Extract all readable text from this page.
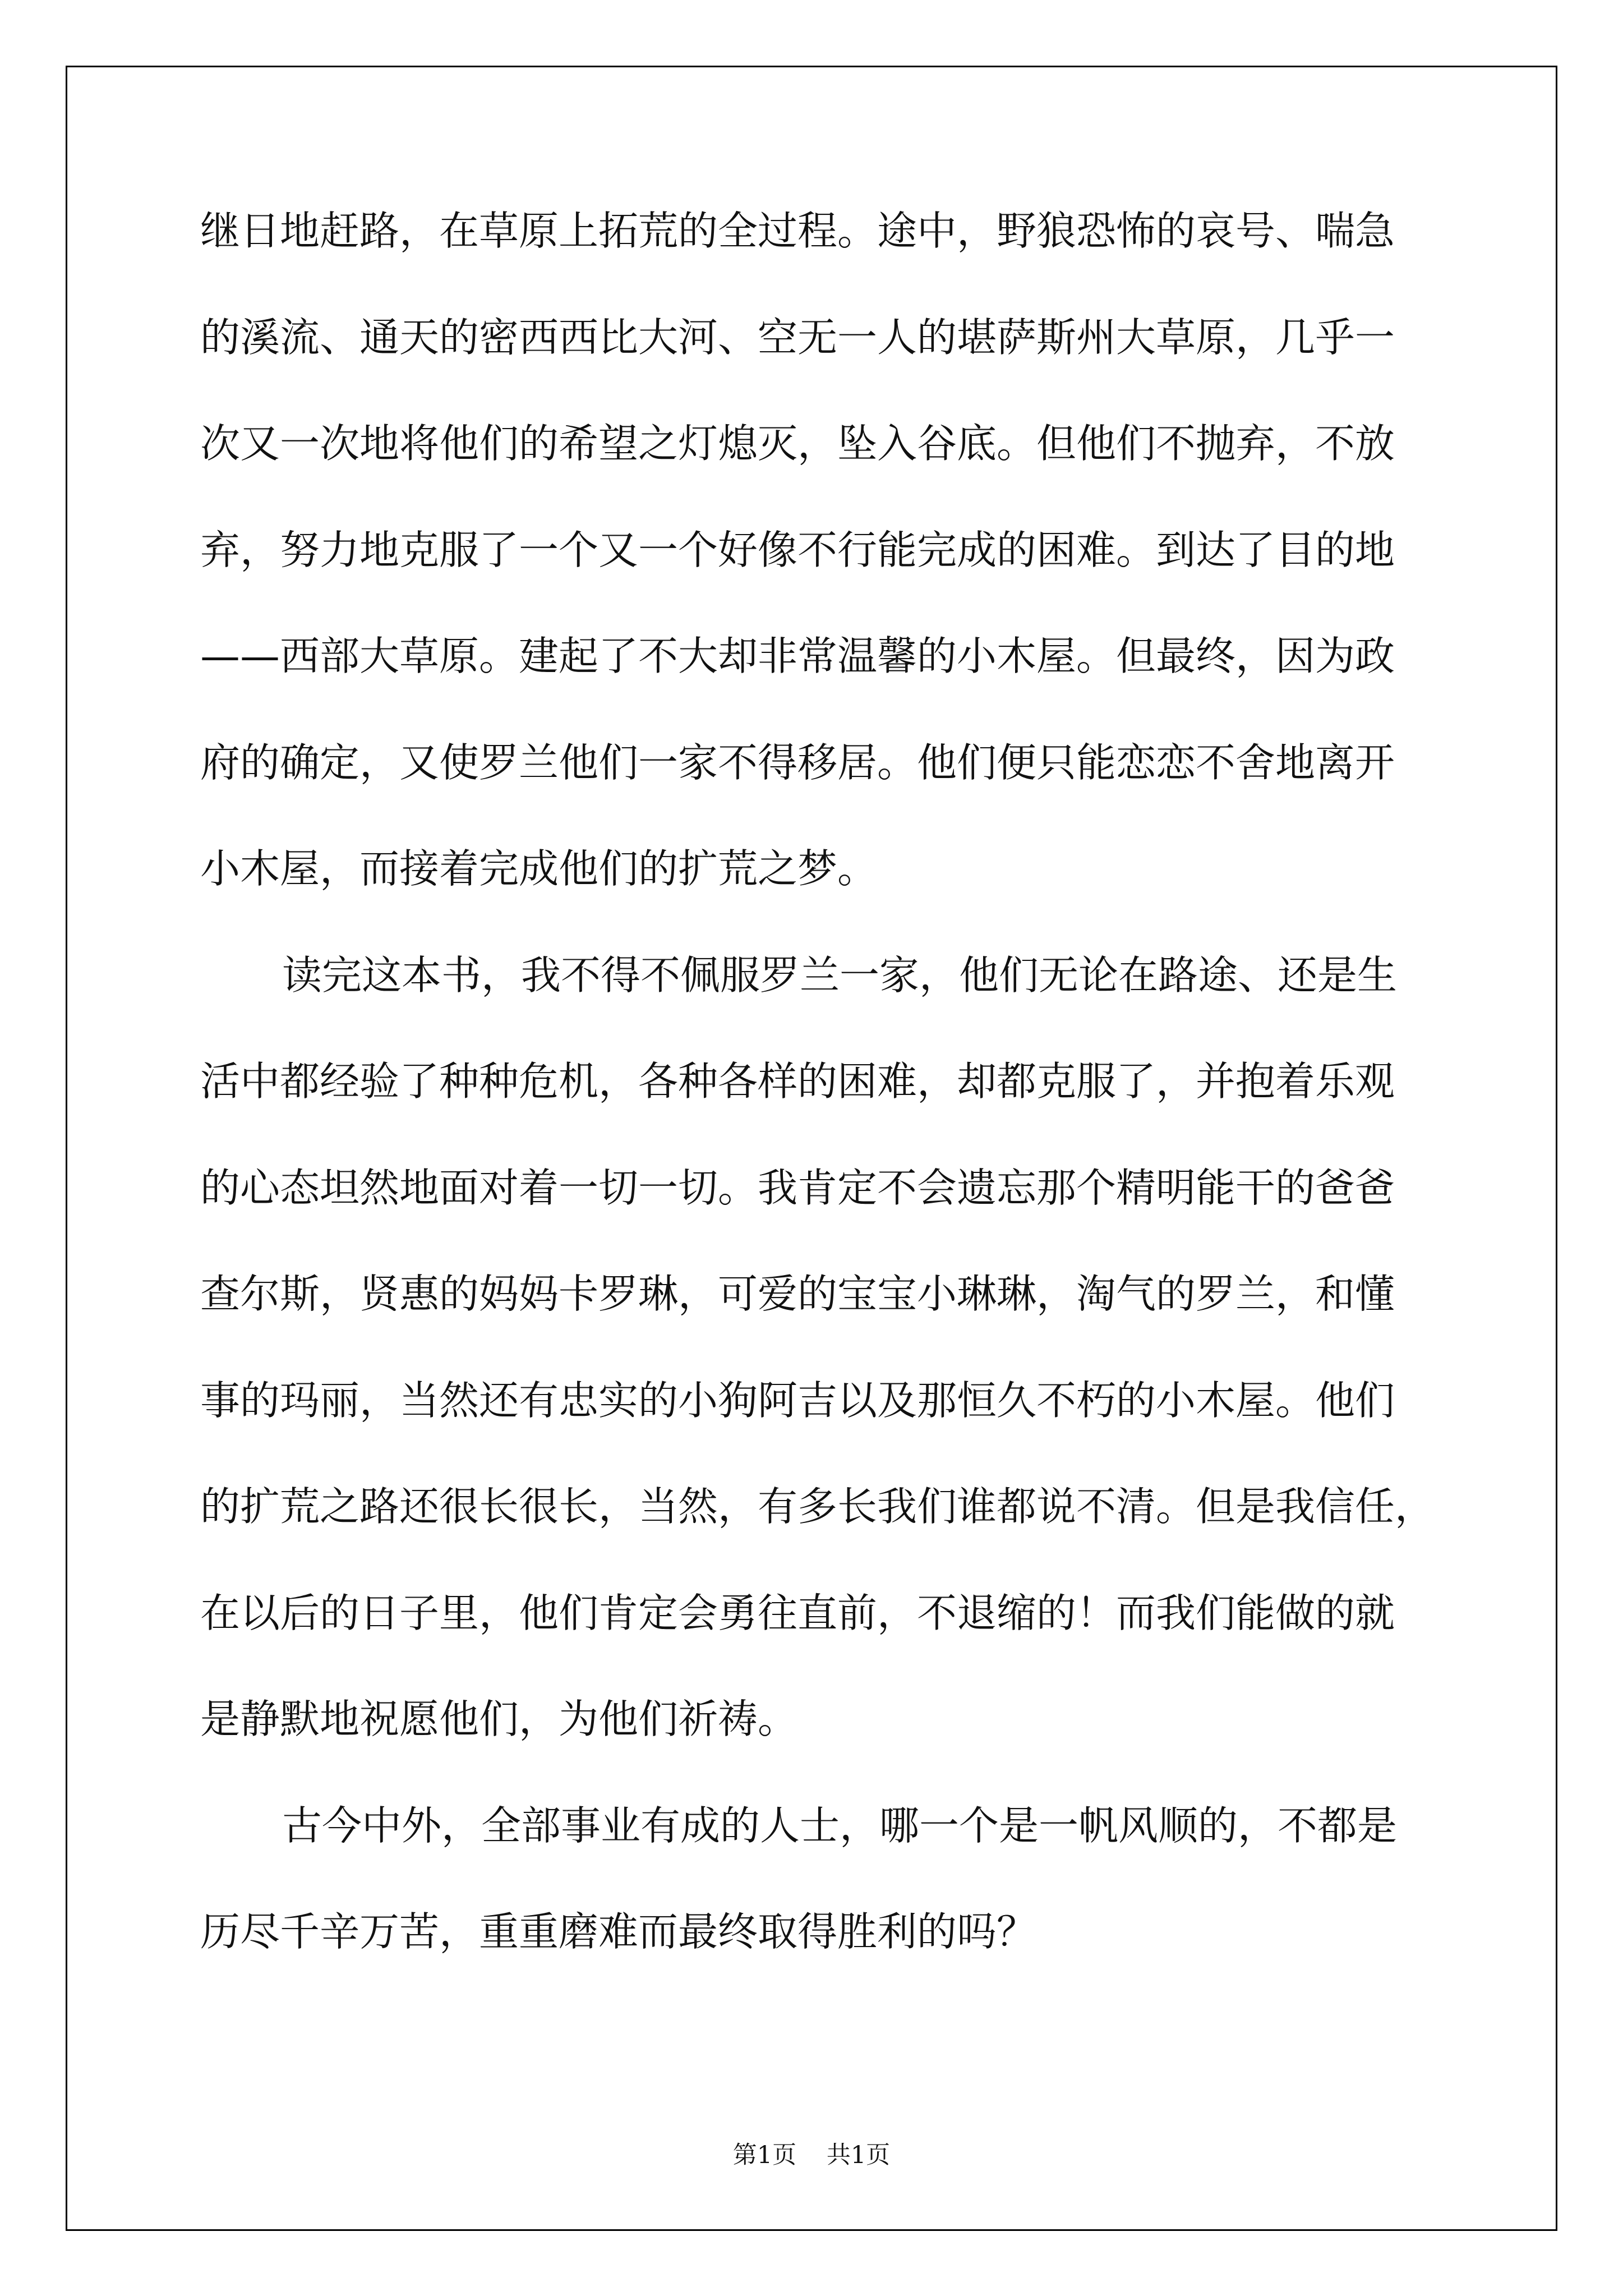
继日地赶路，在草原上拓荒的全过程。途中，野狼恐怖的哀号、喘急
的溪流、通天的密西西比大河、空无一人的堪萨斯州大草原，几乎一
次又一次地将他们的希望之灯熄灭，坠入谷底。但他们不抛弃，不放
弃，努力地克服了一个又一个好像不行能完成的困难。到达了目的地
——西部大草原。建起了不大却非常温馨的小木屋。但最终，因为政
府的确定，又使罗兰他们一家不得移居。他们便只能恋恋不舍地离开
小木屋，而接着完成他们的扩荒之梦。
读完这本书，我不得不佩服罗兰一家，他们无论在路途、还是生
活中都经验了种种危机，各种各样的困难，却都克服了，并抱着乐观
的心态坦然地面对着一切一切。我肯定不会遗忘那个精明能干的爸爸
查尔斯，贤惠的妈妈卡罗琳，可爱的宝宝小琳琳，淘气的罗兰，和懂
事的玛丽，当然还有忠实的小狗阿吉以及那恒久不朽的小木屋。他们
的扩荒之路还很长很长，当然，有多长我们谁都说不清。但是我信任，
在以后的日子里，他们肯定会勇往直前，不退缩的！而我们能做的就
是静默地祝愿他们，为他们祈祷。
古今中外，全部事业有成的人士，哪一个是一帆风顺的，不都是
历尽千辛万苦，重重磨难而最终取得胜利的吗？
第1页 共1页
